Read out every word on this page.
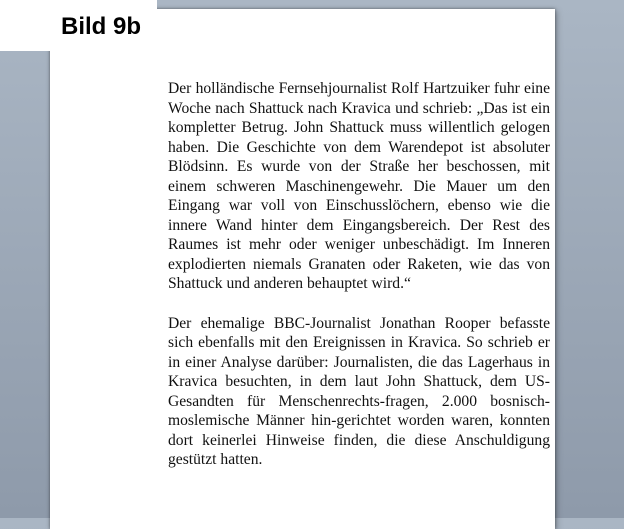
Bild 9b

Der holländische Fernsehjournalist Rolf Hartzuiker fuhr eine Woche nach Shattuck nach Kravica und schrieb: „Das ist ein kompletter Betrug. John Shattuck muss willentlich gelogen haben. Die Geschichte von dem Warendepot ist absoluter Blödsinn. Es wurde von der Straße her beschossen, mit einem schweren Maschinengewehr. Die Mauer um den Eingang war voll von Einschusslöchern, ebenso wie die innere Wand hinter dem Eingangsbereich. Der Rest des Raumes ist mehr oder weniger unbeschädigt. Im Inneren explodierten niemals Granaten oder Raketen, wie das von Shattuck und anderen behauptet wird.“

Der ehemalige BBC-Journalist Jonathan Rooper befasste sich ebenfalls mit den Ereignissen in Kravica. So schrieb er in einer Analyse darüber: Journalisten, die das Lagerhaus in Kravica besuchten, in dem laut John Shattuck, dem US-Gesandten für Menschenrechts-fragen, 2.000 bosnisch-moslemische Männer hin-gerichtet worden waren, konnten dort keinerlei Hinweise finden, die diese Anschuldigung gestützt hatten.
